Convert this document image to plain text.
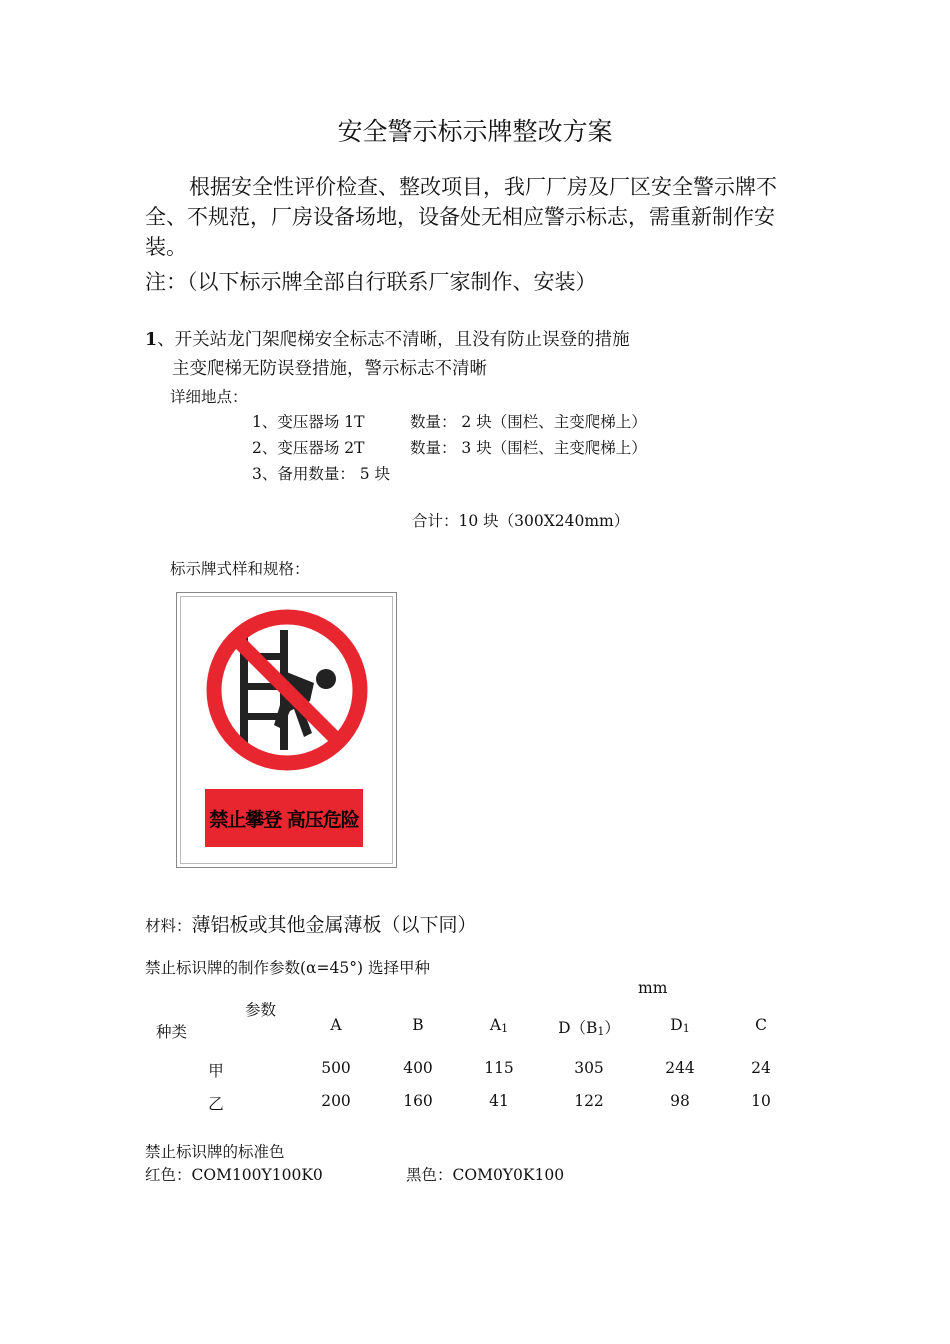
安全警示标示牌整改方案
根据安全性评价检查、整改项目，我厂厂房及厂区安全警示牌不全、不规范，厂房设备场地，设备处无相应警示标志，需重新制作安装。
注：（以下标示牌全部自行联系厂家制作、安装）
1、开关站龙门架爬梯安全标志不清晰，且没有防止误登的措施
主变爬梯无防误登措施，警示标志不清晰
详细地点：
1、变压器场 1T	数量： 2 块（围栏、主变爬梯上）
2、变压器场 2T	数量： 3 块（围栏、主变爬梯上）
3、备用数量： 5 块
合计：10 块（300X240mm）
标示牌式样和规格：
禁止攀登 高压危险
材料：薄铝板或其他金属薄板（以下同）
禁止标识牌的制作参数(α=45°) 选择甲种
mm
参数
种类	A	B	$A_1$	$D(B_1)$	$D_1$	C
甲	500	400	115	305	244	24
乙	200	160	41	122	98	10
禁止标识牌的标准色
红色：COM100Y100K0	黑色：COM0Y0K100
